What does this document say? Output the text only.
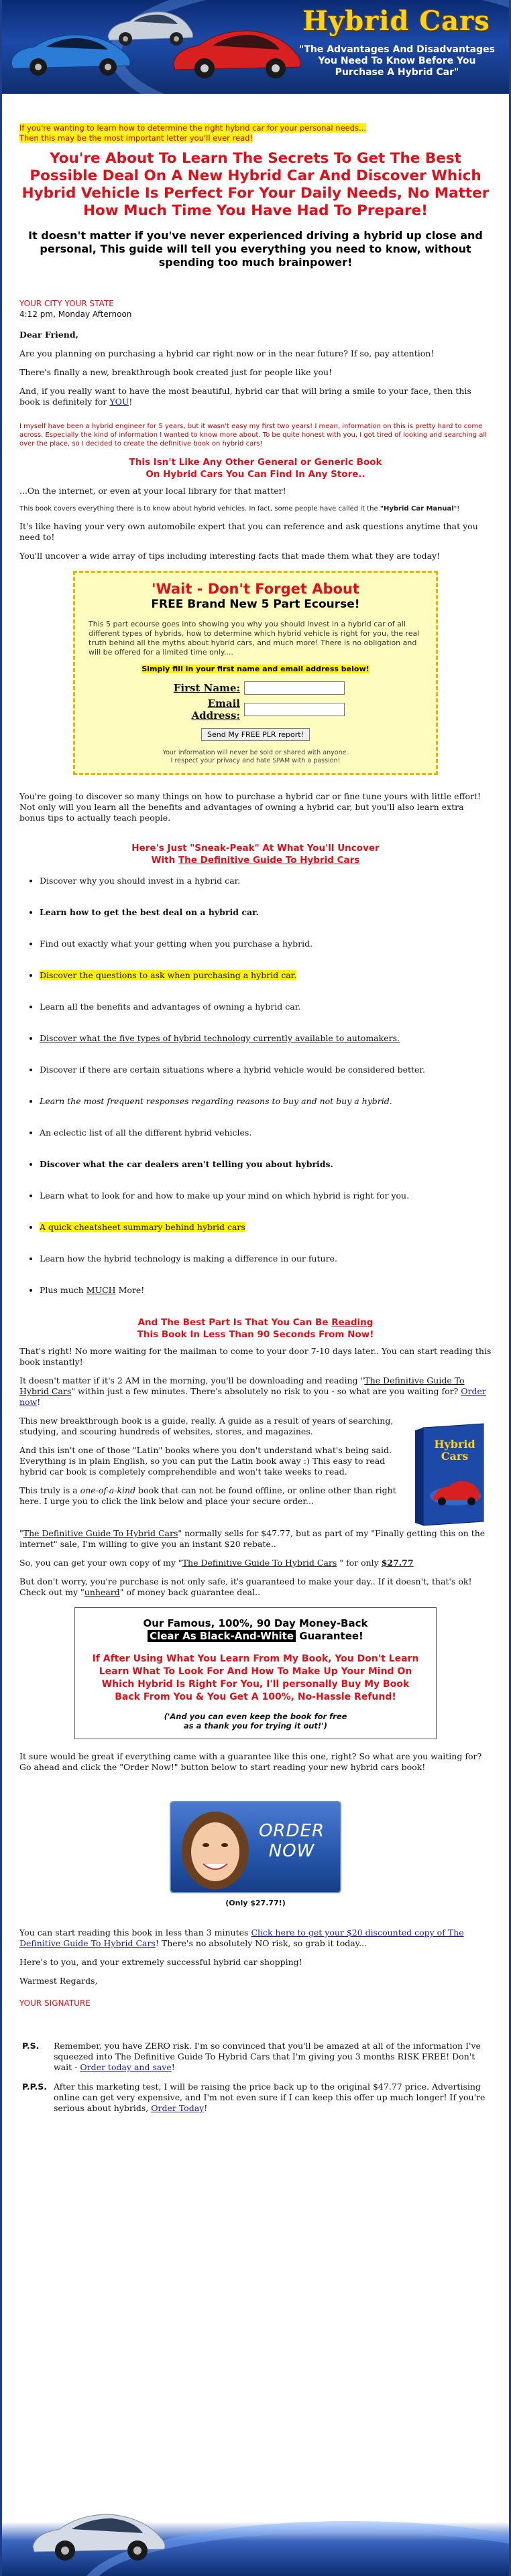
Hybrid Cars
"The Advantages And Disadvantages You Need To Know Before You Purchase A Hybrid Car"

If you're wanting to learn how to determine the right hybrid car for your personal needs...
Then this may be the most important letter you'll ever read!

You're About To Learn The Secrets To Get The Best Possible Deal On A New Hybrid Car And Discover Which Hybrid Vehicle Is Perfect For Your Daily Needs, No Matter How Much Time You Have Had To Prepare!
It doesn't matter if you've never experienced driving a hybrid up close and personal, This guide will tell you everything you need to know, without spending too much brainpower!
YOUR CITY YOUR STATE
4:12 pm, Monday Afternoon

Dear Friend,

Are you planning on purchasing a hybrid car right now or in the near future? If so, pay attention!

There's finally a new, breakthrough book created just for people like you!

And, if you really want to have the most beautiful, hybrid car that will bring a smile to your face, then this book is definitely for YOU!

I myself have been a hybrid engineer for 5 years, but it wasn't easy my first two years! I mean, information on this is pretty hard to come across. Especially the kind of information I wanted to know more about. To be quite honest with you, I got tired of looking and searching all over the place, so I decided to create the definitive book on hybrid cars!

This Isn't Like Any Other General or Generic Book
On Hybrid Cars You Can Find In Any Store..

...On the internet, or even at your local library for that matter!

This book covers everything there is to know about hybrid vehicles. In fact, some people have called it the "Hybrid Car Manual"!

It's like having your very own automobile expert that you can reference and ask questions anytime that you need to!

You'll uncover a wide array of tips including interesting facts that made them what they are today!

'Wait - Don't Forget About
FREE Brand New 5 Part Ecourse!
This 5 part ecourse goes into showing you why you should invest in a hybrid car of all different types of hybrids, how to determine which hybrid vehicle is right for you, the real truth behind all the myths about hybrid cars, and much more! There is no obligation and will be offered for a limited time only....
Simply fill in your first name and email address below!
First Name:
Email Address:
Send My FREE PLR report!
Your information will never be sold or shared with anyone.
I respect your privacy and hate SPAM with a passion!

You're going to discover so many things on how to purchase a hybrid car or fine tune yours with little effort! Not only will you learn all the benefits and advantages of owning a hybrid car, but you'll also learn extra bonus tips to actually teach people.

Here's Just "Sneak-Peak" At What You'll Uncover
With The Definitive Guide To Hybrid Cars
• Discover why you should invest in a hybrid car.
• Learn how to get the best deal on a hybrid car.
• Find out exactly what your getting when you purchase a hybrid.
• Discover the questions to ask when purchasing a hybrid car.
• Learn all the benefits and advantages of owning a hybrid car.
• Discover what the five types of hybrid technology currently available to automakers.
• Discover if there are certain situations where a hybrid vehicle would be considered better.
• Learn the most frequent responses regarding reasons to buy and not buy a hybrid.
• An eclectic list of all the different hybrid vehicles.
• Discover what the car dealers aren't telling you about hybrids.
• Learn what to look for and how to make up your mind on which hybrid is right for you.
• A quick cheatsheet summary behind hybrid cars
• Learn how the hybrid technology is making a difference in our future.
• Plus much MUCH More!
And The Best Part Is That You Can Be Reading
This Book In Less Than 90 Seconds From Now!

That's right! No more waiting for the mailman to come to your door 7-10 days later.. You can start reading this book instantly!

It doesn't matter if it's 2 AM in the morning, you'll be downloading and reading "The Definitive Guide To Hybrid Cars" within just a few minutes. There's absolutely no risk to you - so what are you waiting for? Order now!

This new breakthrough book is a guide, really. A guide as a result of years of searching, studying, and scouring hundreds of websites, stores, and magazines.

And this isn't one of those "Latin" books where you don't understand what's being said. Everything is in plain English, so you can put the Latin book away :) This easy to read hybrid car book is completely comprehendible and won't take weeks to read.

This truly is a one-of-a-kind book that can not be found offline, or online other than right here. I urge you to click the link below and place your secure order...

Hybrid Cars

"The Definitive Guide To Hybrid Cars" normally sells for $47.77, but as part of my "Finally getting this on the internet" sale, I'm willing to give you an instant $20 rebate..

So, you can get your own copy of my "The Definitive Guide To Hybrid Cars " for only $27.77

But don't worry, you're purchase is not only safe, it's guaranteed to make your day.. If it doesn't, that's ok! Check out my "unheard" of money back guarantee deal..

Our Famous, 100%, 90 Day Money-Back
Clear As Black-And-White Guarantee!
If After Using What You Learn From My Book, You Don't Learn Learn What To Look For And How To Make Up Your Mind On Which Hybrid Is Right For You, I'll personally Buy My Book Back From You & You Get A 100%, No-Hassle Refund!
('And you can even keep the book for free
as a thank you for trying it out!')

It sure would be great if everything came with a guarantee like this one, right? So what are you waiting for? Go ahead and click the "Order Now!" button below to start reading your new hybrid cars book!

ORDER NOW
(Only $27.77!)

You can start reading this book in less than 3 minutes Click here to get your $20 discounted copy of The Definitive Guide To Hybrid Cars! There's no absolutely NO risk, so grab it today...

Here's to you, and your extremely successful hybrid car shopping!

Warmest Regards,

YOUR SIGNATURE
P.S.	Remember, you have ZERO risk. I'm so convinced that you'll be amazed at all of the information I've squeezed into The Definitive Guide To Hybrid Cars that I'm giving you 3 months RISK FREE! Don't wait - Order today and save!
P.P.S.	After this marketing test, I will be raising the price back up to the original $47.77 price. Advertising online can get very expensive, and I'm not even sure if I can keep this offer up much longer! If you're serious about hybrids, Order Today!
